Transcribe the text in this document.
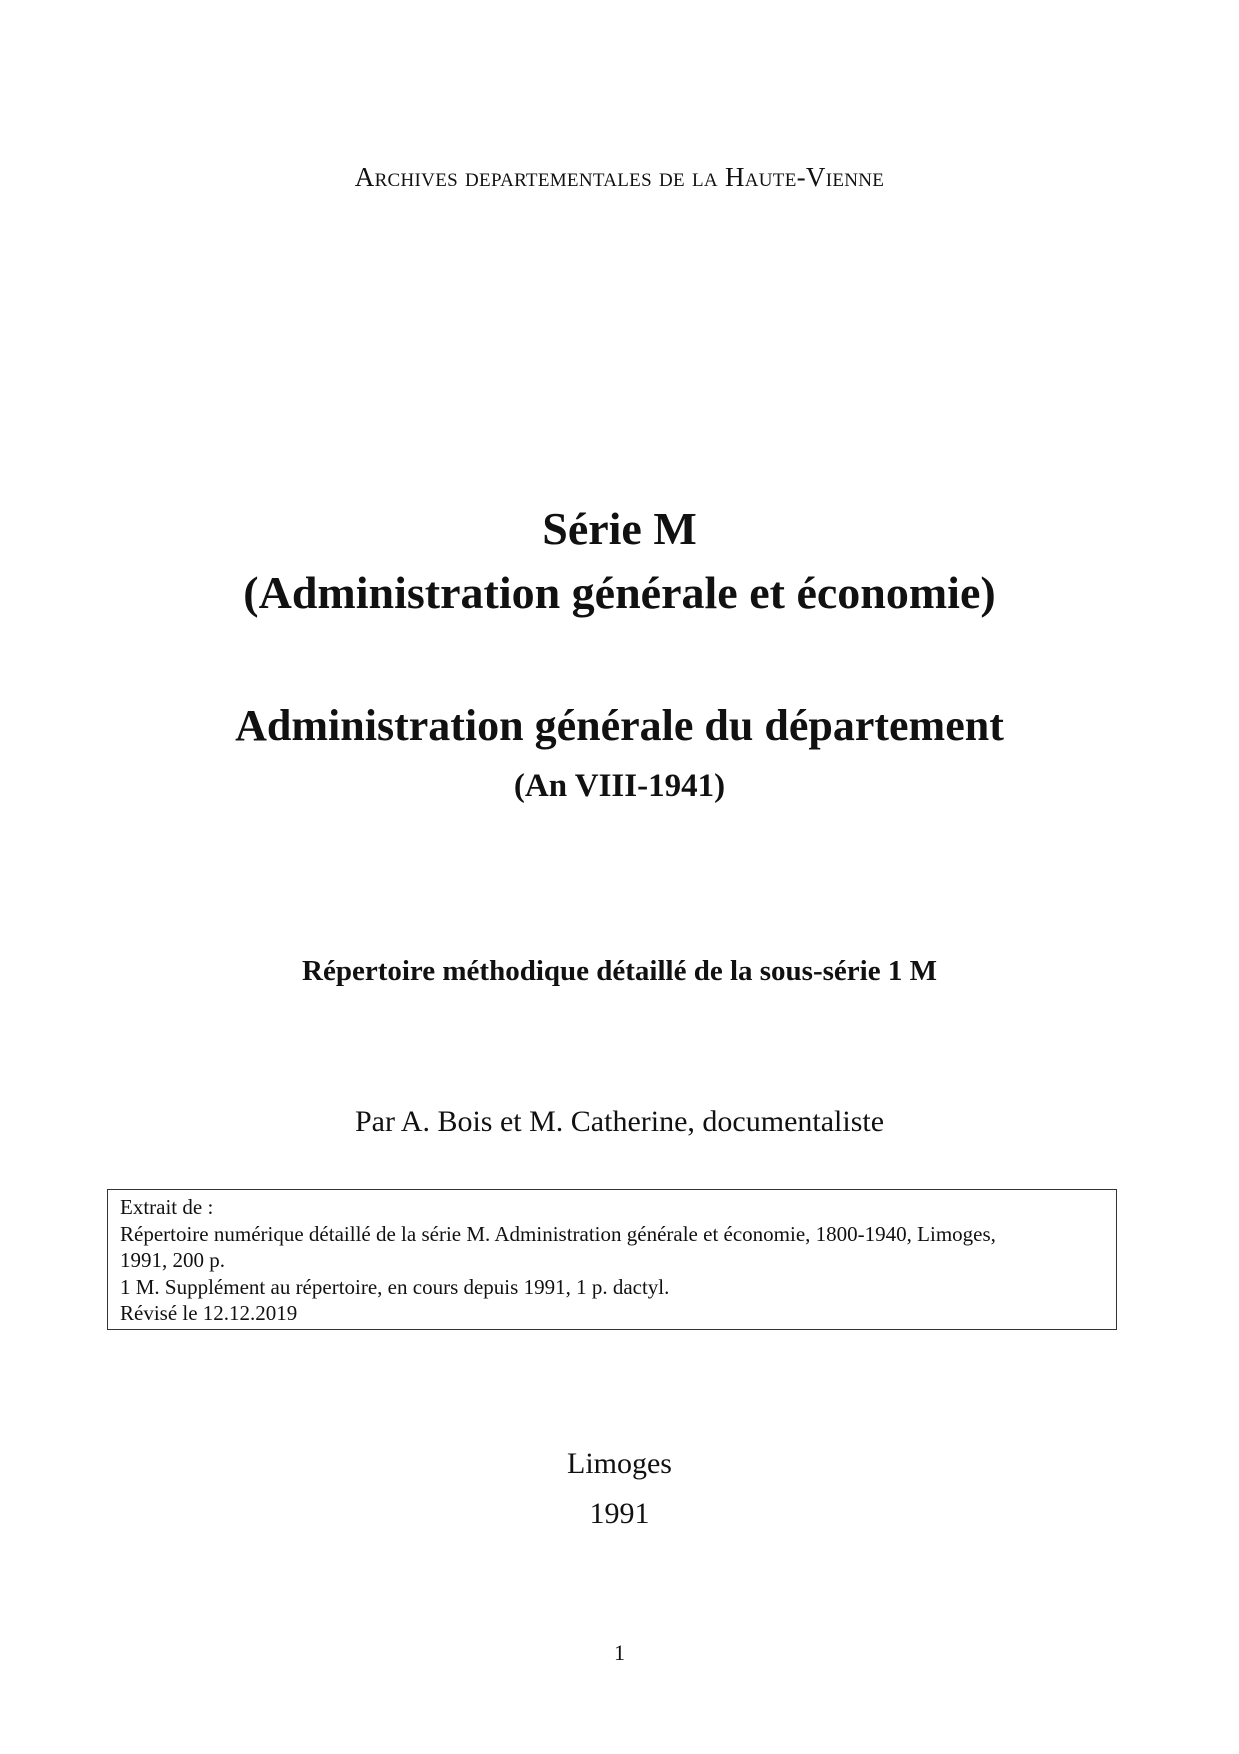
Archives departementales de la Haute-Vienne

Série M
(Administration générale et économie)

Administration générale du département

(An VIII-1941)

Répertoire méthodique détaillé de la sous-série 1 M

Par A. Bois et M. Catherine, documentaliste

Extrait de :
Répertoire numérique détaillé de la série M. Administration générale et économie, 1800-1940, Limoges,
1991, 200 p.
1 M. Supplément au répertoire, en cours depuis 1991, 1 p. dactyl.
Révisé le 12.12.2019

Limoges

1991

1
